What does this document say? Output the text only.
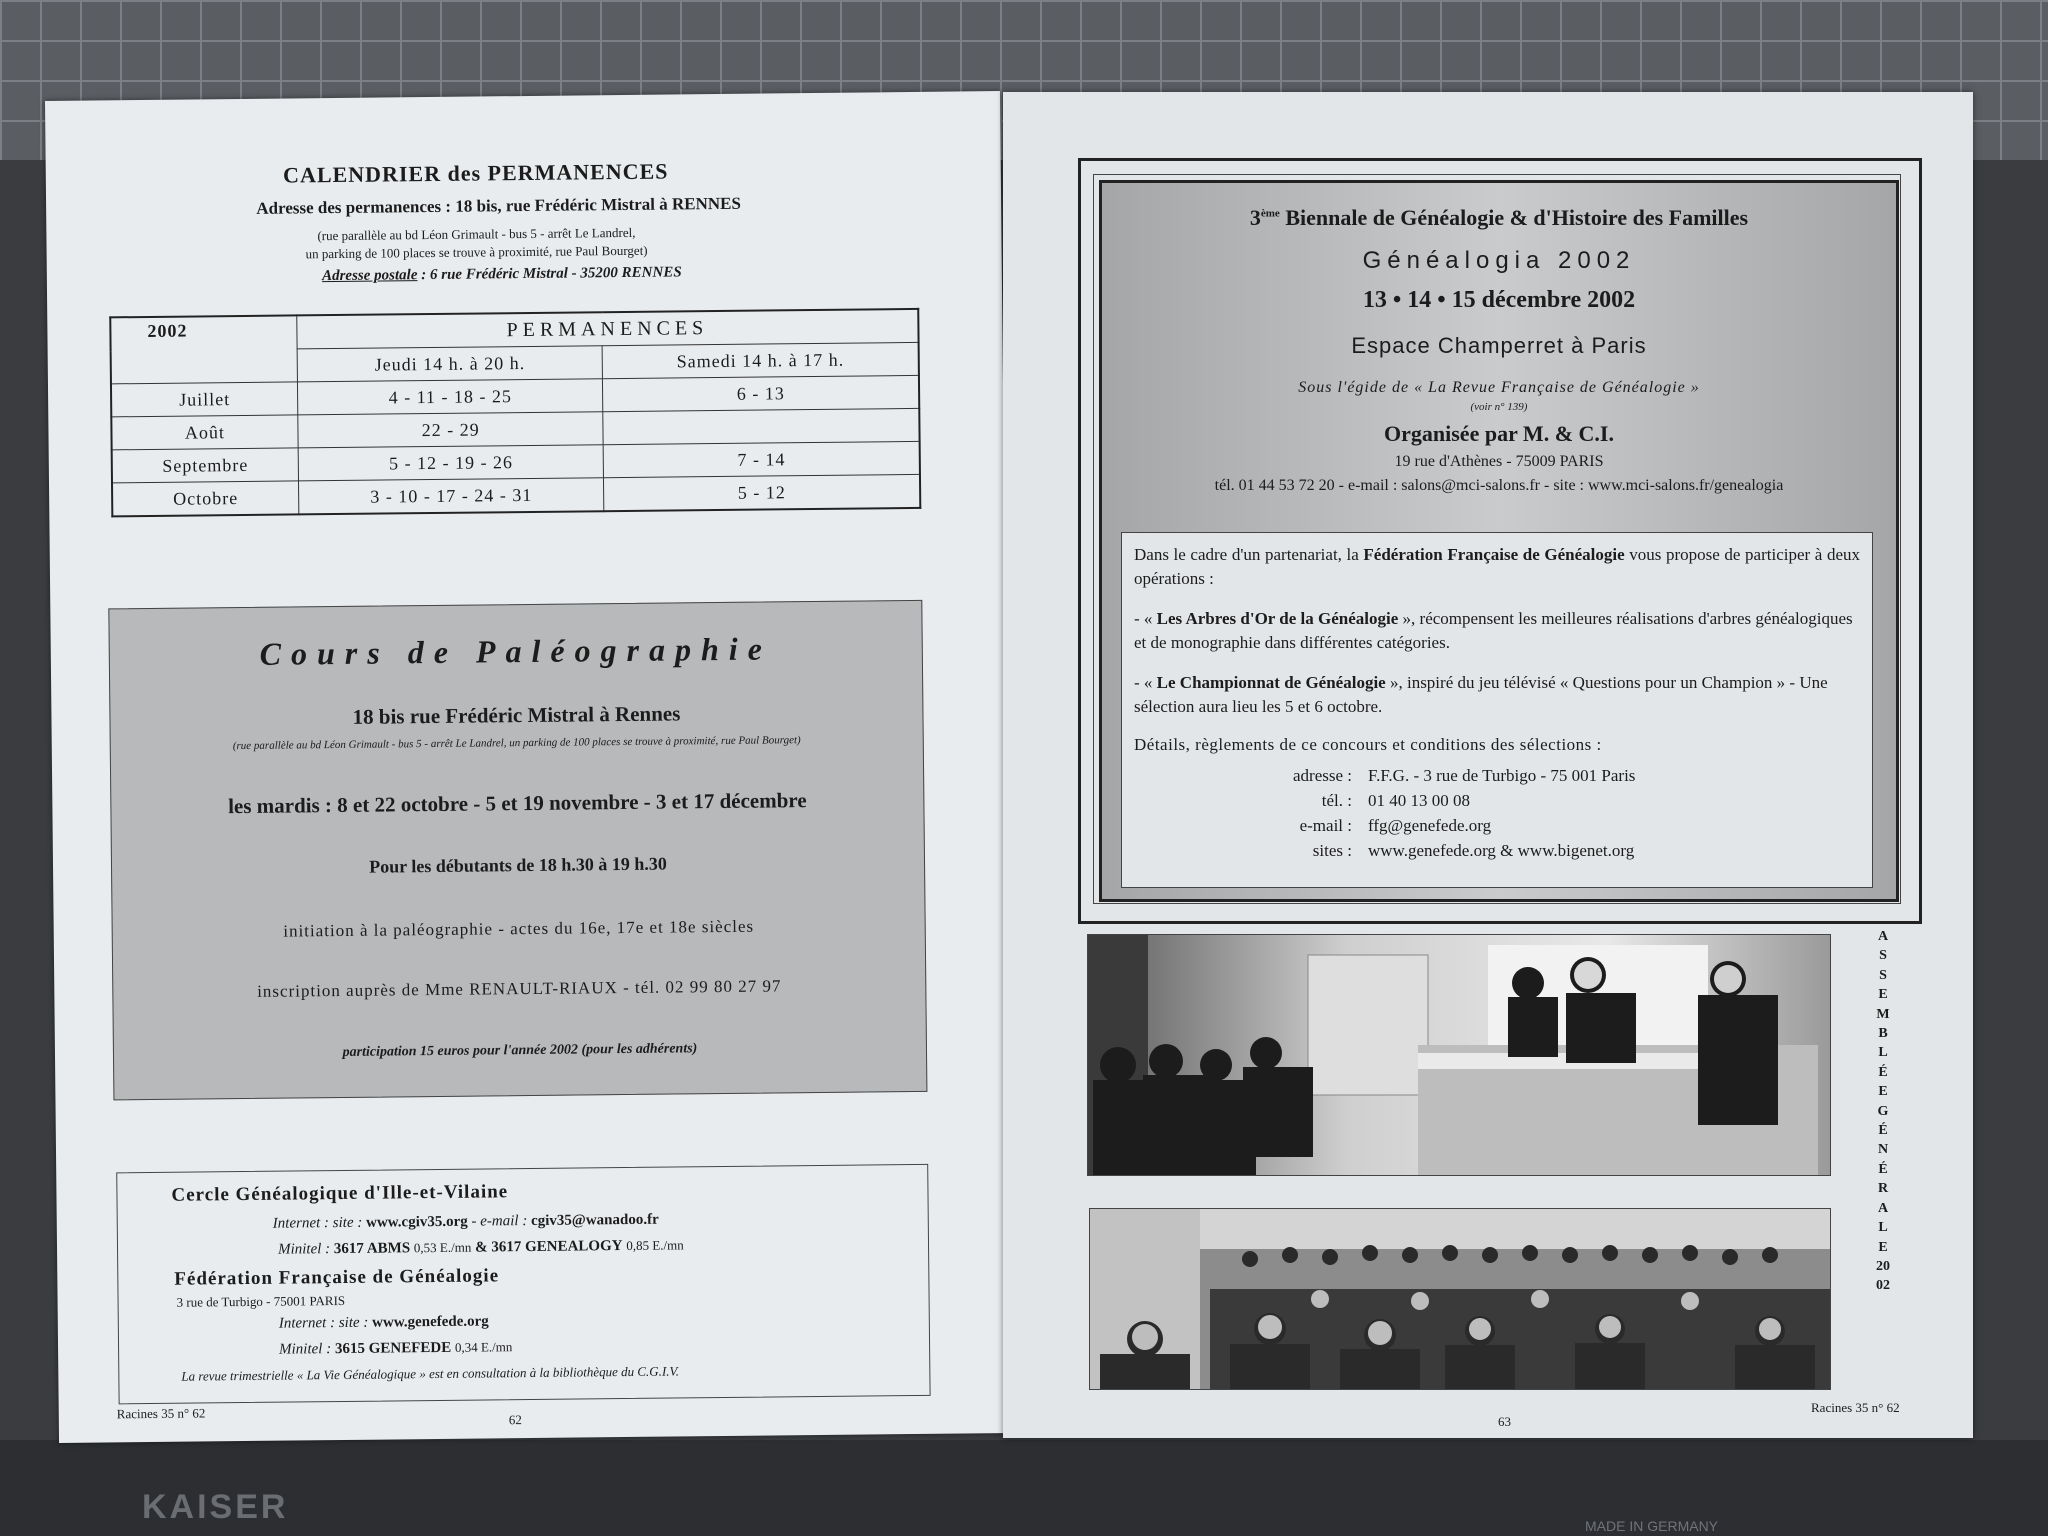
KAISER	MADE IN GERMANY
CALENDRIER des PERMANENCES
Adresse des permanences : 18 bis, rue Frédéric Mistral à RENNES
(rue parallèle au bd Léon Grimault - bus 5 - arrêt Le Landrel,
un parking de 100 places se trouve à proximité, rue Paul Bourget)
Adresse postale : 6 rue Frédéric Mistral - 35200 RENNES
2002	PERMANENCES	
	Jeudi 14 h. à 20 h.	Samedi 14 h. à 17 h.
Juillet	4 - 11 - 18 - 25	6 - 13
Août	22 - 29	
Septembre	5 - 12 - 19 - 26	7 - 14
Octobre	3 - 10 - 17 - 24 - 31	5 - 12
Cours de Paléographie
18 bis rue Frédéric Mistral à Rennes
(rue parallèle au bd Léon Grimault - bus 5 - arrêt Le Landrel, un parking de 100 places se trouve à proximité, rue Paul Bourget)
les mardis : 8 et 22 octobre - 5 et 19 novembre - 3 et 17 décembre
Pour les débutants de 18 h.30 à 19 h.30
initiation à la paléographie - actes du 16e, 17e et 18e siècles
inscription auprès de Mme RENAULT-RIAUX - tél. 02 99 80 27 97
participation 15 euros pour l'année 2002 (pour les adhérents)
Cercle Généalogique d'Ille-et-Vilaine
Internet : site : www.cgiv35.org - e-mail : cgiv35@wanadoo.fr
Minitel : 3617 ABMS 0,53 E./mn & 3617 GENEALOGY 0,85 E./mn
Fédération Française de Généalogie
3 rue de Turbigo - 75001 PARIS
Internet : site : www.genefede.org
Minitel : 3615 GENEFEDE 0,34 E./mn
La revue trimestrielle « La Vie Généalogique » est en consultation à la bibliothèque du C.G.I.V.
Racines 35 n° 62	62
3ème Biennale de Généalogie & d'Histoire des Familles
Généalogia 2002
13 • 14 • 15 décembre 2002
Espace Champerret à Paris
Sous l'égide de « La Revue Française de Généalogie »
(voir n° 139)
Organisée par M. & C.I.
19 rue d'Athènes - 75009 PARIS
tél. 01 44 53 72 20 - e-mail : salons@mci-salons.fr - site : www.mci-salons.fr/genealogia
Dans le cadre d'un partenariat, la Fédération Française de Généalogie vous propose de participer à deux opérations :
- « Les Arbres d'Or de la Généalogie », récompensent les meilleures réalisations d'arbres généalogiques et de monographie dans différentes catégories.
- « Le Championnat de Généalogie », inspiré du jeu télévisé « Questions pour un Champion » - Une sélection aura lieu les 5 et 6 octobre.
Détails, règlements de ce concours et conditions des sélections :
adresse : F.F.G. - 3 rue de Turbigo - 75 001 Paris
tél. : 01 40 13 00 08
e-mail : ffg@genefede.org
sites : www.genefede.org & www.bigenet.org
ASSEMBLÉE GÉNÉRALE 2002
Racines 35 n° 62
63
